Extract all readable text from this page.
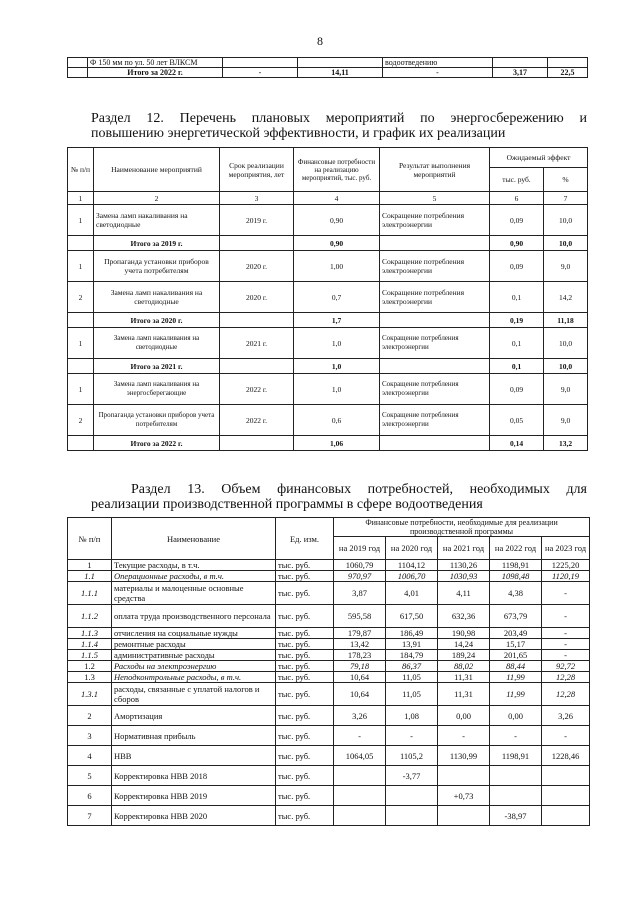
8
	Ф 150 мм по ул. 50 лет ВЛКСМ			водоотведению		
	Итого за 2022 г.	-	14,11	-	3,17	22,5
Раздел 12. Перечень плановых мероприятий по энергосбережению и
повышению энергетической эффективности, и график их реализации
№ п/п	Наименование мероприятий	Срок реализации мероприятия, лет	Финансовые потребности на реализацию мероприятий, тыс. руб.	Результат выполнения мероприятий	Ожидаемый эффект	
					тыс. руб.	%
1	2	3	4	5	6	7
1	Замена ламп накаливания на светодиодные	2019 г.	0,90	Сокращение потребления электроэнергии	0,09	10,0
	Итого за 2019 г.		0,90		0,90	10,0
1	Пропаганда установки приборов учета потребителям	2020 г.	1,00	Сокращение потребления электроэнергии	0,09	9,0
2	Замена ламп накаливания на светодиодные	2020 г.	0,7	Сокращение потребления электроэнергии	0,1	14,2
	Итого за 2020 г.		1,7		0,19	11,18
1	Замена ламп накаливания на светодиодные	2021 г.	1,0	Сокращение потребления электроэнергии	0,1	10,0
	Итого за 2021 г.		1,0		0,1	10,0
1	Замена ламп накаливания на энергосберегающие	2022 г.	1,0	Сокращение потребления электроэнергии	0,09	9,0
2	Пропаганда установки приборов учета потребителям	2022 г.	0,6	Сокращение потребления электроэнергии	0,05	9,0
	Итого за 2022 г.		1,06		0,14	13,2
Раздел 13. Объем финансовых потребностей, необходимых для
реализации производственной программы в сфере водоотведения
№ п/п	Наименование	Ед. изм.	Финансовые потребности, необходимые для реализации производственной программы				
			на 2019 год	на 2020 год	на 2021 год	на 2022 год	на 2023 год
1	Текущие расходы, в т.ч.	тыс. руб.	1060,79	1104,12	1130,26	1198,91	1225,20
1.1	Операционные расходы, в т.ч.	тыс. руб.	970,97	1006,70	1030,93	1098,48	1120,19
1.1.1	материалы и малоценные основные средства	тыс. руб.	3,87	4,01	4,11	4,38	-
1.1.2	оплата труда производственного персонала	тыс. руб.	595,58	617,50	632,36	673,79	-
1.1.3	отчисления на социальные нужды	тыс. руб.	179,87	186,49	190,98	203,49	-
1.1.4	ремонтные расходы	тыс. руб.	13,42	13,91	14,24	15,17	-
1.1.5	административные расходы	тыс. руб.	178,23	184,79	189,24	201,65	-
1.2	Расходы на электроэнергию	тыс. руб.	79,18	86,37	88,02	88,44	92,72
1.3	Неподконтрольные расходы, в т.ч.	тыс. руб.	10,64	11,05	11,31	11,99	12,28
1.3.1	расходы, связанные с уплатой налогов и сборов	тыс. руб.	10,64	11,05	11,31	11,99	12,28
2	Амортизация	тыс. руб.	3,26	1,08	0,00	0,00	3,26
3	Нормативная прибыль	тыс. руб.	-	-	-	-	-
4	НВВ	тыс. руб.	1064,05	1105,2	1130,99	1198,91	1228,46
5	Корректировка НВВ 2018	тыс. руб.		-3,77			
6	Корректировка НВВ 2019	тыс. руб.			+0,73		
7	Корректировка НВВ 2020	тыс. руб.				-38,97	
